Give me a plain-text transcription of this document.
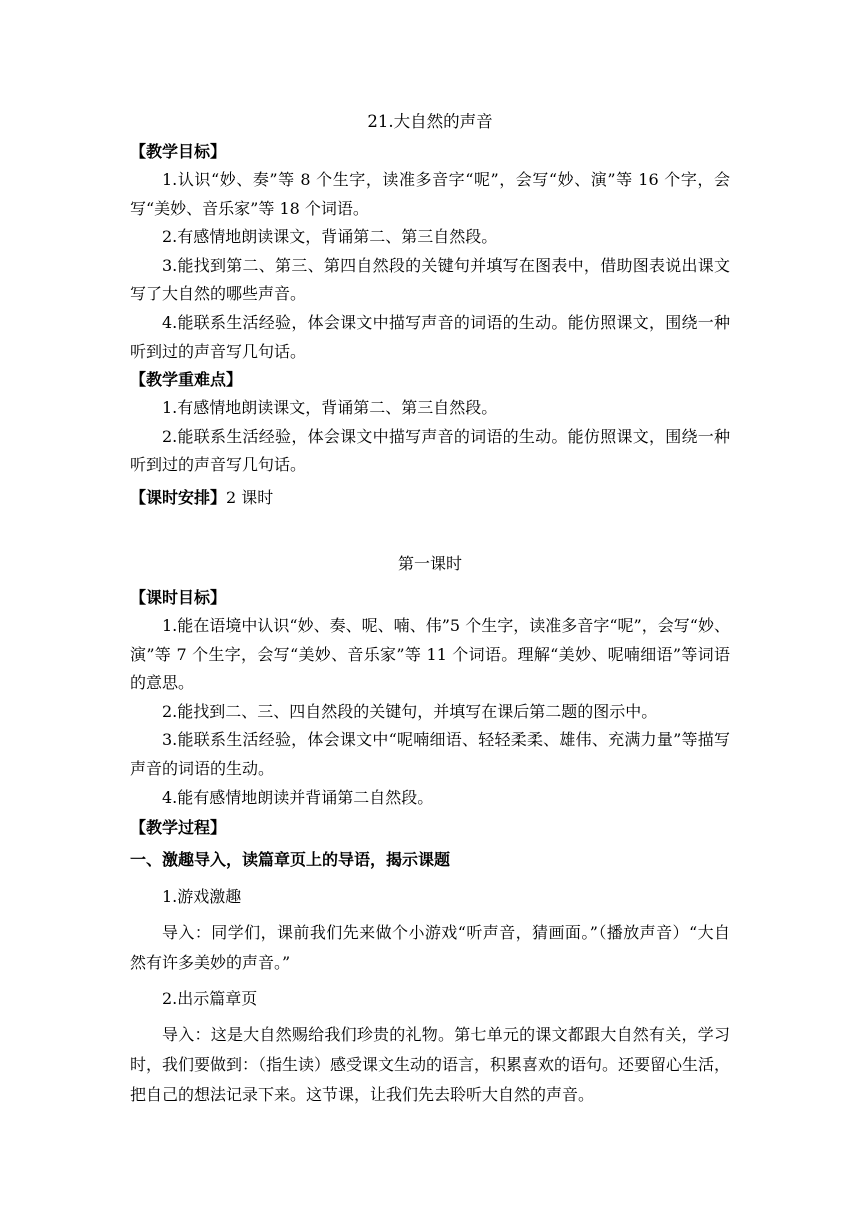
21.大自然的声音
【教学目标】

1.认识“妙、奏”等 8 个生字，读准多音字“呢”，会写“妙、演”等 16 个字，会写“美妙、音乐家”等 18 个词语。

2.有感情地朗读课文，背诵第二、第三自然段。

3.能找到第二、第三、第四自然段的关键句并填写在图表中，借助图表说出课文写了大自然的哪些声音。

4.能联系生活经验，体会课文中描写声音的词语的生动。能仿照课文，围绕一种听到过的声音写几句话。

【教学重难点】

1.有感情地朗读课文，背诵第二、第三自然段。

2.能联系生活经验，体会课文中描写声音的词语的生动。能仿照课文，围绕一种听到过的声音写几句话。

【课时安排】2 课时
第一课时
【课时目标】

1.能在语境中认识“妙、奏、呢、喃、伟”5 个生字，读准多音字“呢”，会写“妙、演”等 7 个生字，会写“美妙、音乐家”等 11 个词语。理解“美妙、呢喃细语”等词语的意思。

2.能找到二、三、四自然段的关键句，并填写在课后第二题的图示中。

3.能联系生活经验，体会课文中“呢喃细语、轻轻柔柔、雄伟、充满力量”等描写声音的词语的生动。

4.能有感情地朗读并背诵第二自然段。

【教学过程】
一、激趣导入，读篇章页上的导语，揭示课题

1.游戏激趣

导入：同学们，课前我们先来做个小游戏“听声音，猜画面。”（播放声音）“大自然有许多美妙的声音。”

2.出示篇章页

导入：这是大自然赐给我们珍贵的礼物。第七单元的课文都跟大自然有关，学习时，我们要做到：（指生读）感受课文生动的语言，积累喜欢的语句。还要留心生活，把自己的想法记录下来。这节课，让我们先去聆听大自然的声音。
